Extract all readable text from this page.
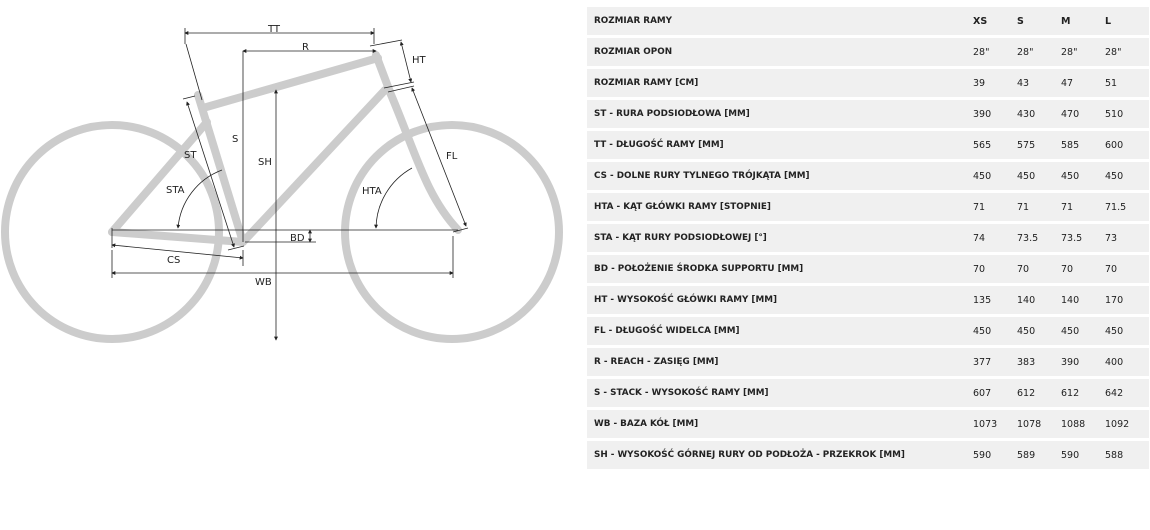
TT
R
HT
S
SH
ST
STA	HTA
FL
BD
CS
WB
ROZMIAR RAMY	XS	S	M	L
ROZMIAR OPON	28"	28"	28"	28"
ROZMIAR RAMY [CM]	39	43	47	51
ST - RURA PODSIODŁOWA [MM]	390	430	470	510
TT - DŁUGOŚĆ RAMY [MM]	565	575	585	600
CS - DOLNE RURY TYLNEGO TRÓJKĄTA [MM]	450	450	450	450
HTA - KĄT GŁÓWKI RAMY [STOPNIE]	71	71	71	71.5
STA - KĄT RURY PODSIODŁOWEJ [°]	74	73.5	73.5	73
BD - POŁOŻENIE ŚRODKA SUPPORTU [MM]	70	70	70	70
HT - WYSOKOŚĆ GŁÓWKI RAMY [MM]	135	140	140	170
FL - DŁUGOŚĆ WIDELCA [MM]	450	450	450	450
R - REACH - ZASIĘG [MM]	377	383	390	400
S - STACK - WYSOKOŚĆ RAMY [MM]	607	612	612	642
WB - BAZA KÓŁ [MM]	1073	1078	1088	1092
SH - WYSOKOŚĆ GÓRNEJ RURY OD PODŁOŻA - PRZEKROK [MM]	590	589	590	588
